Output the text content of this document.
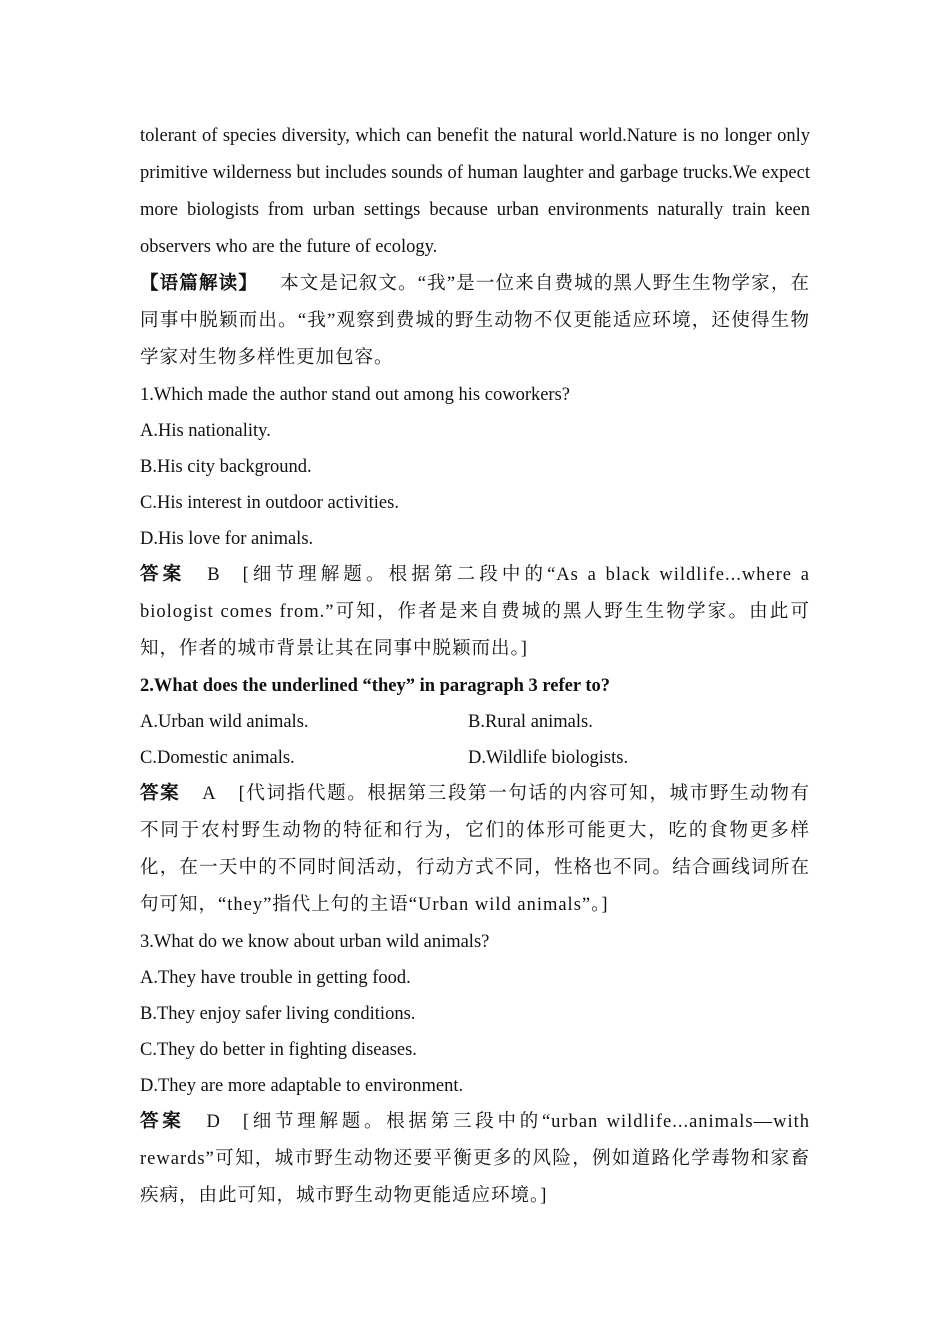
tolerant of species diversity, which can benefit the natural world.Nature is no longer only primitive wilderness but includes sounds of human laughter and garbage trucks.We expect more biologists from urban settings because urban environments naturally train keen observers who are the future of ecology.
【语篇解读】 本文是记叙文。“我”是一位来自费城的黑人野生生物学家，在同事中脱颖而出。“我”观察到费城的野生动物不仅更能适应环境，还使得生物学家对生物多样性更加包容。
1.Which made the author stand out among his coworkers?
A.His nationality.
B.His city background.
C.His interest in outdoor activities.
D.His love for animals.
答案 B [细节理解题。根据第二段中的“As a black wildlife...where a biologist comes from.”可知，作者是来自费城的黑人野生生物学家。由此可知，作者的城市背景让其在同事中脱颖而出。]
2.What does the underlined “they” in paragraph 3 refer to?
A.Urban wild animals.	B.Rural animals.
C.Domestic animals.	D.Wildlife biologists.
答案 A [代词指代题。根据第三段第一句话的内容可知，城市野生动物有不同于农村野生动物的特征和行为，它们的体形可能更大，吃的食物更多样化，在一天中的不同时间活动，行动方式不同，性格也不同。结合画线词所在句可知，“they”指代上句的主语“Urban wild animals”。]
3.What do we know about urban wild animals?
A.They have trouble in getting food.
B.They enjoy safer living conditions.
C.They do better in fighting diseases.
D.They are more adaptable to environment.
答案 D [细节理解题。根据第三段中的“urban wildlife...animals—with rewards”可知，城市野生动物还要平衡更多的风险，例如道路化学毒物和家畜疾病，由此可知，城市野生动物更能适应环境。]
